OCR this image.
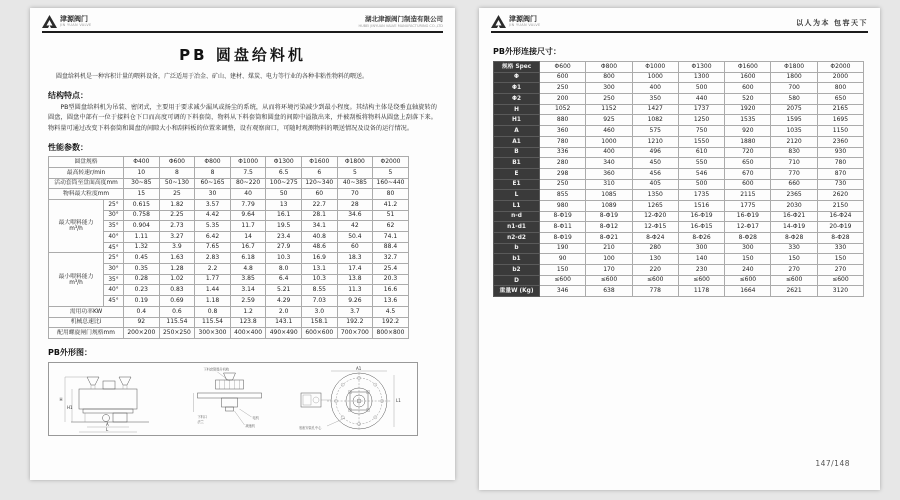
津源阀门
JIN YUAN VALVE
湖北津源阀门制造有限公司
HUBEI JINYUAN VALVE MANUFACTURING CO.,LTD
PB 圆盘给料机

圆盘给料机是一种容积计量的喂料设备，广泛适用于冶金、矿山、建材、煤炭、电力等行业的各种非粘性物料的喂送。

结构特点：

PB型圆盘给料机为吊装、密闭式，主要用于要求减少漏风或扬尘的系统，从而将环境污染减少到最小程度。其结构主体是绕垂直轴旋转的圆盘，圆盘中部有一位于接料仓下口而高度可调的下料套筒，物料从下料套筒和圆盘的间隙中溢散出来，并被刮板将物料从圆盘上刮落下来。物料量可通过改变下料套筒和圆盘的间隙大小和刮料板的位置来调整，设有观察窗口，可随时观测物料的喂送情况及设备的运行情况。

性能参数：
圆盘规格		Φ400	Φ600	Φ800	Φ1000	Φ1300	Φ1600	Φ1800	Φ2000
最高转速r/min		10	8	8	7.5	6.5	6	5	5
活动套筒至盘面高度mm		30~85	50~130	60~165	80~220	100~275	120~340	40~385	160~440
物料最大粒度mm		15	25	30	40	50	60	70	80
最大喂料能力
m³/h	25°	0.615	1.82	3.57	7.79	13	22.7	28	41.2
	30°	0.758	2.25	4.42	9.64	16.1	28.1	34.6	51
	35°	0.904	2.73	5.35	11.7	19.5	34.1	42	62
	40°	1.11	3.27	6.42	14	23.4	40.8	50.4	74.1
	45°	1.32	3.9	7.65	16.7	27.9	48.6	60	88.4
最小喂料能力
m³/h	25°	0.45	1.63	2.83	6.18	10.3	16.9	18.3	32.7
	30°	0.35	1.28	2.2	4.8	8.0	13.1	17.4	25.4
	35°	0.28	1.02	1.77	3.85	6.4	10.3	13.8	20.3
	40°	0.23	0.83	1.44	3.14	5.21	8.55	11.3	16.6
	45°	0.19	0.69	1.18	2.59	4.29	7.03	9.26	13.6
需用功率KW		0.4	0.6	0.8	1.2	2.0	3.0	3.7	4.5
机械总速比i		92	115.54	115.54	123.8	143.1	158.1	192.2	192.2
配用螺旋闸门规格mm		200×200	250×250	300×300	400×400	490×490	600×600	700×700	800×800
PB外形图：
H
H1
A
L
下料套筒提升机构
下料口
法兰
电机
减速机
A1
L1
底座安装孔中心
津源阀门
JIN YUAN VALVE	以人为本 包容天下
PB外形连接尺寸：
规格 Spec	Φ600	Φ800	Φ1000	Φ1300	Φ1600	Φ1800	Φ2000
Φ	600	800	1000	1300	1600	1800	2000
Φ1	250	300	400	500	600	700	800
Φ2	200	250	350	440	520	580	650
H	1052	1152	1427	1737	1920	2075	2165
H1	880	925	1082	1250	1535	1595	1695
A	360	460	575	750	920	1035	1150
A1	780	1000	1210	1550	1880	2120	2360
B	336	400	496	610	720	830	930
B1	280	340	450	550	650	710	780
E	298	360	456	546	670	770	870
E1	250	310	405	500	600	660	730
L	855	1085	1350	1735	2115	2365	2620
L1	980	1089	1265	1516	1775	2030	2150
n-d	8-Φ19	8-Φ19	12-Φ20	16-Φ19	16-Φ19	16-Φ21	16-Φ24
n1-d1	8-Φ11	8-Φ12	12-Φ15	16-Φ15	12-Φ17	14-Φ19	20-Φ19
n2-d2	8-Φ19	8-Φ21	8-Φ24	8-Φ26	8-Φ28	8-Φ28	8-Φ28
b	190	210	280	300	300	330	330
b1	90	100	130	140	150	150	150
b2	150	170	220	230	240	270	270
D	≤600	≤600	≤600	≤600	≤600	≤600	≤600
重量W (Kg)	346	638	778	1178	1664	2621	3120
147/148
